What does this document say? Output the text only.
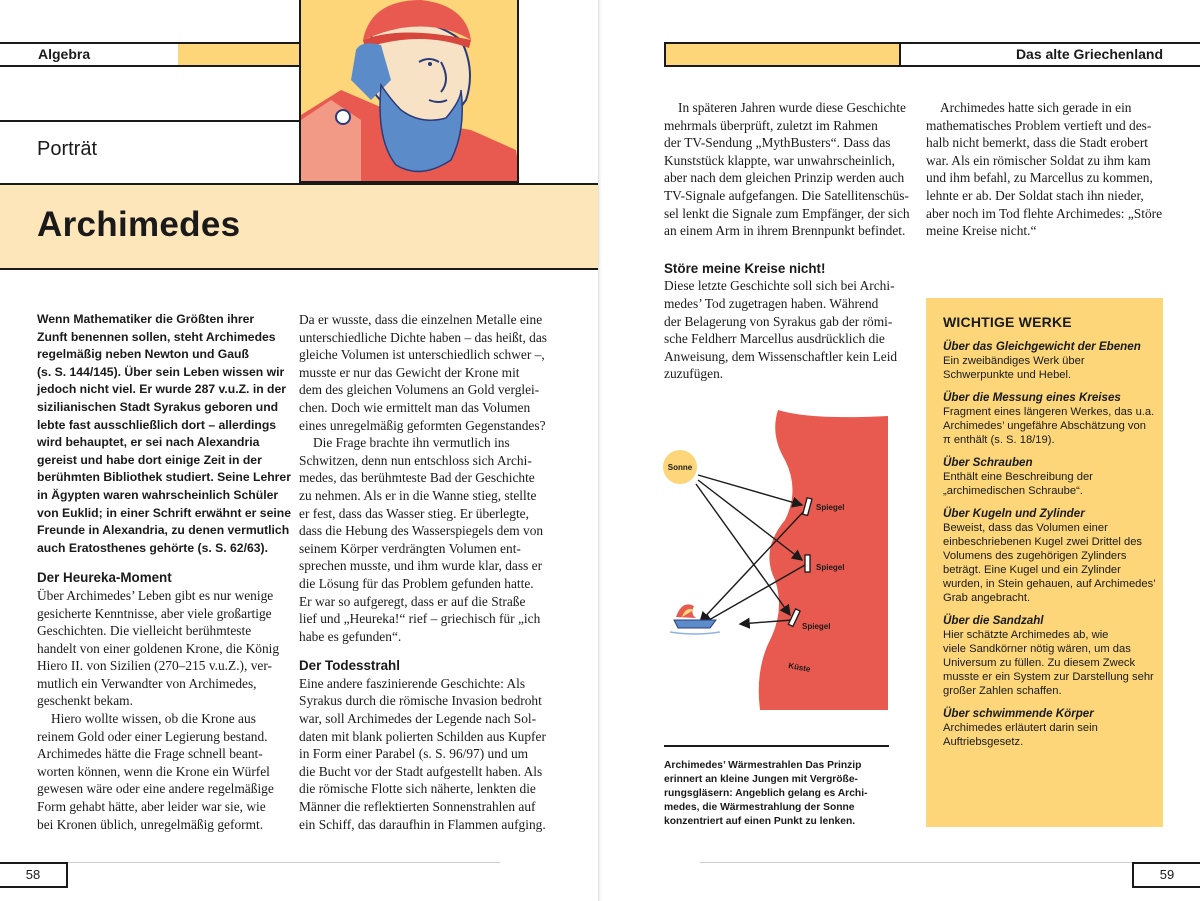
Algebra
Porträt
Archimedes
Wenn Mathematiker die Größten ihrer
Zunft benennen sollen, steht Archimedes
regelmäßig neben Newton und Gauß
(s. S. 144/145). Über sein Leben wissen wir
jedoch nicht viel. Er wurde 287 v.u.Z. in der
sizilianischen Stadt Syrakus geboren und
lebte fast ausschließlich dort – allerdings
wird behauptet, er sei nach Alexandria
gereist und habe dort einige Zeit in der
berühmten Bibliothek studiert. Seine Lehrer
in Ägypten waren wahrscheinlich Schüler
von Euklid; in einer Schrift erwähnt er seine
Freunde in Alexandria, zu denen vermutlich
auch Eratosthenes gehörte (s. S. 62/63).
Der Heureka-Moment
Über Archimedes’ Leben gibt es nur wenige
gesicherte Kenntnisse, aber viele großartige
Geschichten. Die vielleicht berühmteste
handelt von einer goldenen Krone, die König
Hiero II. von Sizilien (270–215 v.u.Z.), ver-
mutlich ein Verwandter von Archimedes,
geschenkt bekam.
Hiero wollte wissen, ob die Krone aus
reinem Gold oder einer Legierung bestand.
Archimedes hätte die Frage schnell beant-
worten können, wenn die Krone ein Würfel
gewesen wäre oder eine andere regelmäßige
Form gehabt hätte, aber leider war sie, wie
bei Kronen üblich, unregelmäßig geformt.
Da er wusste, dass die einzelnen Metalle eine
unterschiedliche Dichte haben – das heißt, das
gleiche Volumen ist unterschiedlich schwer –,
musste er nur das Gewicht der Krone mit
dem des gleichen Volumens an Gold verglei-
chen. Doch wie ermittelt man das Volumen
eines unregelmäßig geformten Gegenstandes?
Die Frage brachte ihn vermutlich ins
Schwitzen, denn nun entschloss sich Archi-
medes, das berühmteste Bad der Geschichte
zu nehmen. Als er in die Wanne stieg, stellte
er fest, dass das Wasser stieg. Er überlegte,
dass die Hebung des Wasserspiegels dem von
seinem Körper verdrängten Volumen ent-
sprechen musste, und ihm wurde klar, dass er
die Lösung für das Problem gefunden hatte.
Er war so aufgeregt, dass er auf die Straße
lief und „Heureka!“ rief – griechisch für „ich
habe es gefunden“.
Der Todesstrahl
Eine andere faszinierende Geschichte: Als
Syrakus durch die römische Invasion bedroht
war, soll Archimedes der Legende nach Sol-
daten mit blank polierten Schilden aus Kupfer
in Form einer Parabel (s. S. 96/97) und um
die Bucht vor der Stadt aufgestellt haben. Als
die römische Flotte sich näherte, lenkten die
Männer die reflektierten Sonnenstrahlen auf
ein Schiff, das daraufhin in Flammen aufging.
58
Das alte Griechenland
In späteren Jahren wurde diese Geschichte
mehrmals überprüft, zuletzt im Rahmen
der TV-Sendung „MythBusters“. Dass das
Kunststück klappte, war unwahrscheinlich,
aber nach dem gleichen Prinzip werden auch
TV-Signale aufgefangen. Die Satellitenschüs-
sel lenkt die Signale zum Empfänger, der sich
an einem Arm in ihrem Brennpunkt befindet.
Störe meine Kreise nicht!
Diese letzte Geschichte soll sich bei Archi-
medes’ Tod zugetragen haben. Während
der Belagerung von Syrakus gab der römi-
sche Feldherr Marcellus ausdrücklich die
Anweisung, dem Wissenschaftler kein Leid
zuzufügen.
Archimedes hatte sich gerade in ein
mathematisches Problem vertieft und des-
halb nicht bemerkt, dass die Stadt erobert
war. Als ein römischer Soldat zu ihm kam
und ihm befahl, zu Marcellus zu kommen,
lehnte er ab. Der Soldat stach ihn nieder,
aber noch im Tod flehte Archimedes: „Störe
meine Kreise nicht.“
Sonne
Spiegel
Spiegel
Spiegel
Küste
Archimedes’ Wärmestrahlen Das Prinzip
erinnert an kleine Jungen mit Vergröße-
rungsgläsern: Angeblich gelang es Archi-
medes, die Wärmestrahlung der Sonne
konzentriert auf einen Punkt zu lenken.
WICHTIGE WERKE
Über das Gleichgewicht der Ebenen
Ein zweibändiges Werk über
Schwerpunkte und Hebel.
Über die Messung eines Kreises
Fragment eines längeren Werkes, das u.a.
Archimedes’ ungefähre Abschätzung von
π enthält (s. S. 18/19).
Über Schrauben
Enthält eine Beschreibung der
„archimedischen Schraube“.
Über Kugeln und Zylinder
Beweist, dass das Volumen einer
einbeschriebenen Kugel zwei Drittel des
Volumens des zugehörigen Zylinders
beträgt. Eine Kugel und ein Zylinder
wurden, in Stein gehauen, auf Archimedes’
Grab angebracht.
Über die Sandzahl
Hier schätzte Archimedes ab, wie
viele Sandkörner nötig wären, um das
Universum zu füllen. Zu diesem Zweck
musste er ein System zur Darstellung sehr
großer Zahlen schaffen.
Über schwimmende Körper
Archimedes erläutert darin sein
Auftriebsgesetz.
59
